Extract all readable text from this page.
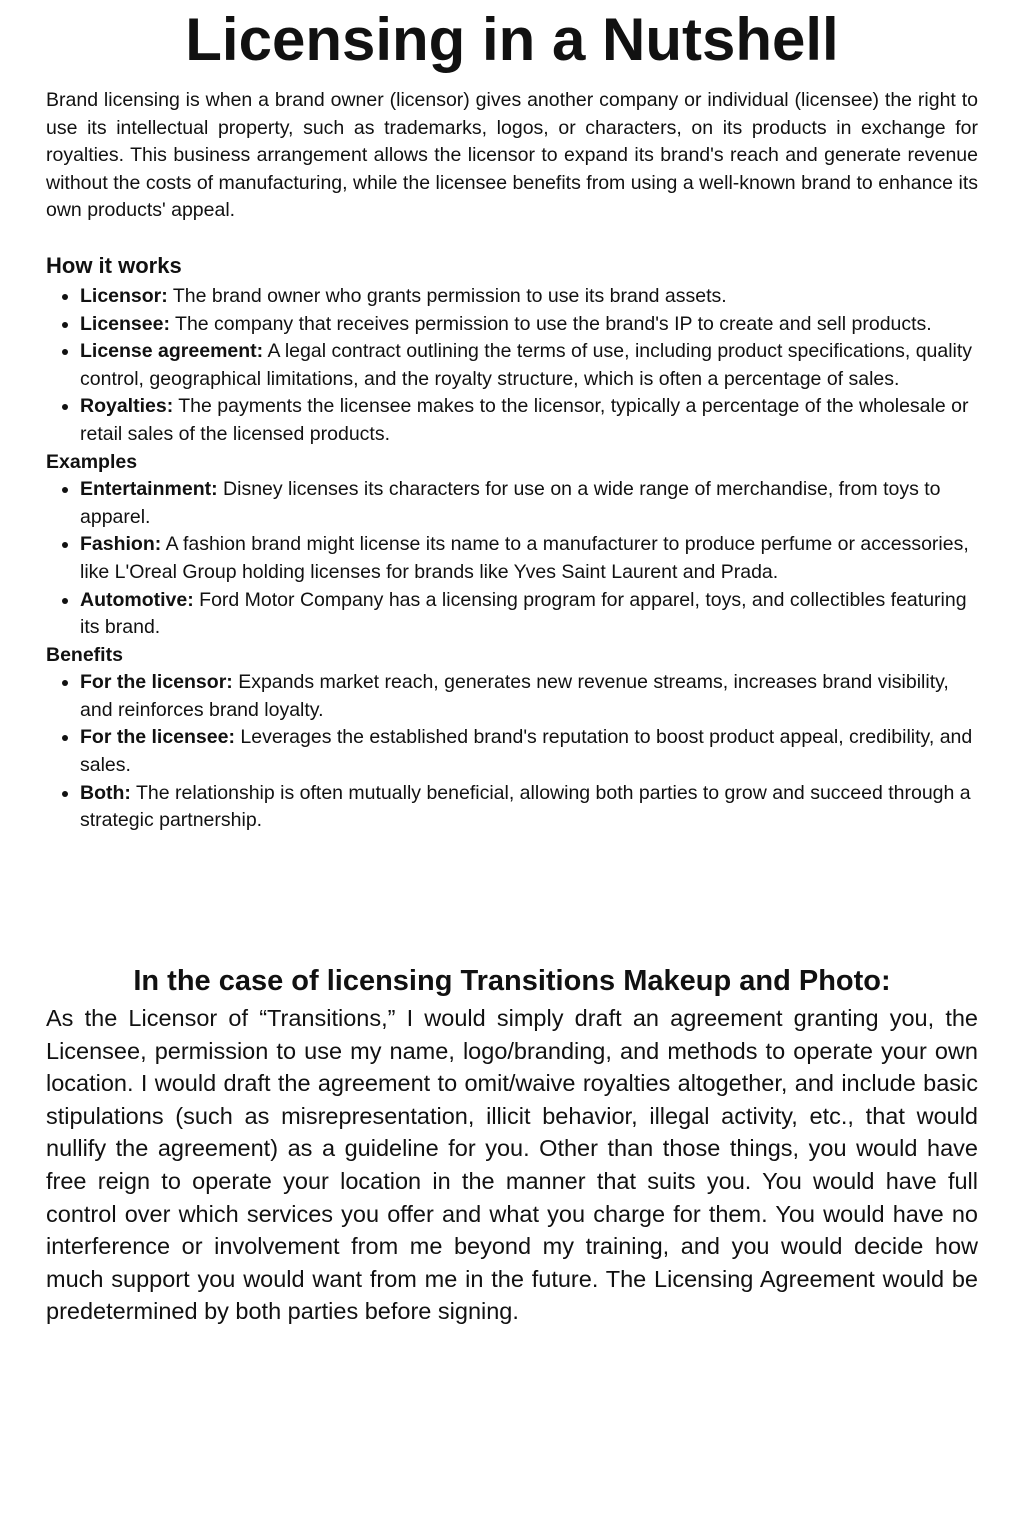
Licensing in a Nutshell

Brand licensing is when a brand owner (licensor) gives another company or individual (licensee) the right to use its intellectual property, such as trademarks, logos, or characters, on its products in exchange for royalties. This business arrangement allows the licensor to expand its brand's reach and generate revenue without the costs of manufacturing, while the licensee benefits from using a well-known brand to enhance its own products' appeal.

How it works
• Licensor: The brand owner who grants permission to use its brand assets.
• Licensee: The company that receives permission to use the brand's IP to create and sell products.
• License agreement: A legal contract outlining the terms of use, including product specifications, quality control, geographical limitations, and the royalty structure, which is often a percentage of sales.
• Royalties: The payments the licensee makes to the licensor, typically a percentage of the wholesale or retail sales of the licensed products.
Examples
• Entertainment: Disney licenses its characters for use on a wide range of merchandise, from toys to apparel.
• Fashion: A fashion brand might license its name to a manufacturer to produce perfume or accessories, like L'Oreal Group holding licenses for brands like Yves Saint Laurent and Prada.
• Automotive: Ford Motor Company has a licensing program for apparel, toys, and collectibles featuring its brand.
Benefits
• For the licensor: Expands market reach, generates new revenue streams, increases brand visibility, and reinforces brand loyalty.
• For the licensee: Leverages the established brand's reputation to boost product appeal, credibility, and sales.
• Both: The relationship is often mutually beneficial, allowing both parties to grow and succeed through a strategic partnership.
In the case of licensing Transitions Makeup and Photo:

As the Licensor of “Transitions,” I would simply draft an agreement granting you, the Licensee, permission to use my name, logo/branding, and methods to operate your own location. I would draft the agreement to omit/waive royalties altogether, and include basic stipulations (such as misrepresentation, illicit behavior, illegal activity, etc., that would nullify the agreement) as a guideline for you. Other than those things, you would have free reign to operate your location in the manner that suits you. You would have full control over which services you offer and what you charge for them. You would have no interference or involvement from me beyond my training, and you would decide how much support you would want from me in the future. The Licensing Agreement would be predetermined by both parties before signing.
